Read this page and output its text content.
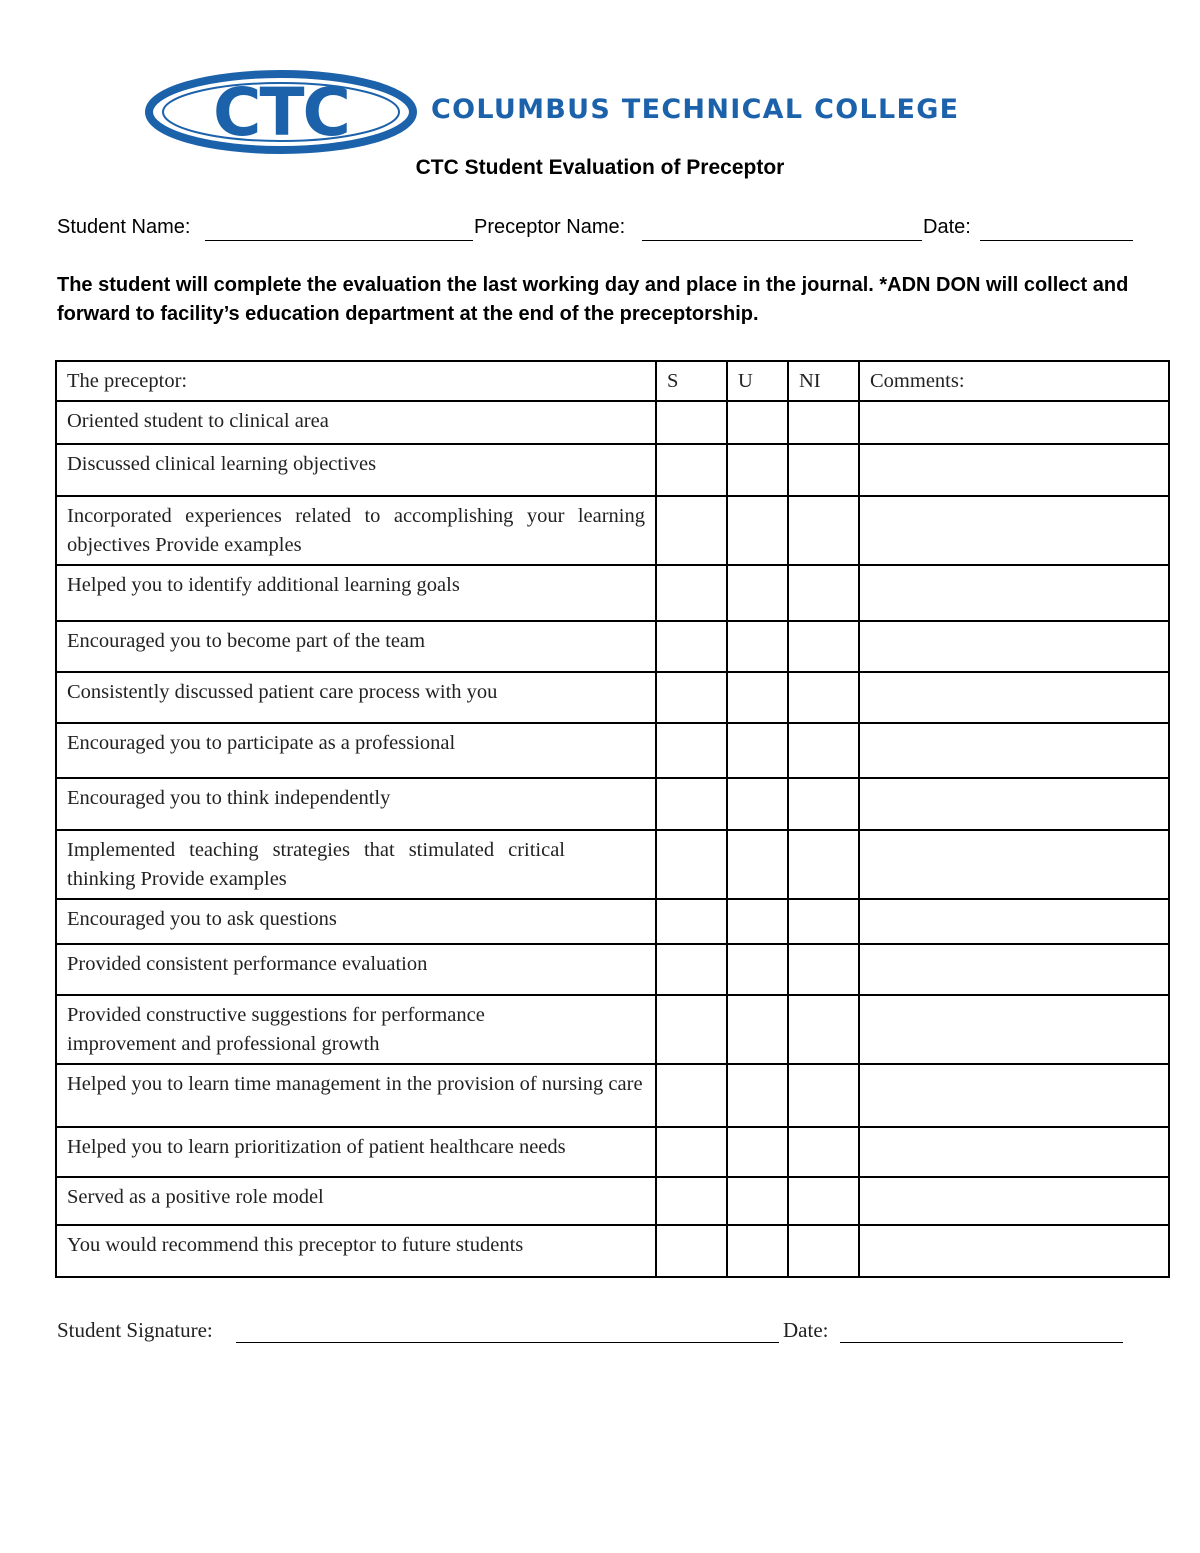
CTC	COLUMBUS TECHNICAL COLLEGE
CTC Student Evaluation of Preceptor
Student Name:	Preceptor Name:	Date:
The student will complete the evaluation the last working day and place in the journal. *ADN DON will collect and forward to facility’s education department at the end of the preceptorship.
The preceptor:	S	U	NI	Comments:
Oriented student to clinical area				
Discussed clinical learning objectives				
Incorporated experiences related to accomplishing your learning objectives Provide examples				
Helped you to identify additional learning goals				
Encouraged you to become part of the team				
Consistently discussed patient care process with you				
Encouraged you to participate as a professional				
Encouraged you to think independently				
Implemented teaching strategies that stimulated critical thinking Provide examples				
Encouraged you to ask questions				
Provided consistent performance evaluation				
Provided constructive suggestions for performance improvement and professional growth				
Helped you to learn time management in the provision of nursing care				
Helped you to learn prioritization of patient healthcare needs				
Served as a positive role model				
You would recommend this preceptor to future students				
Student Signature:	Date:
